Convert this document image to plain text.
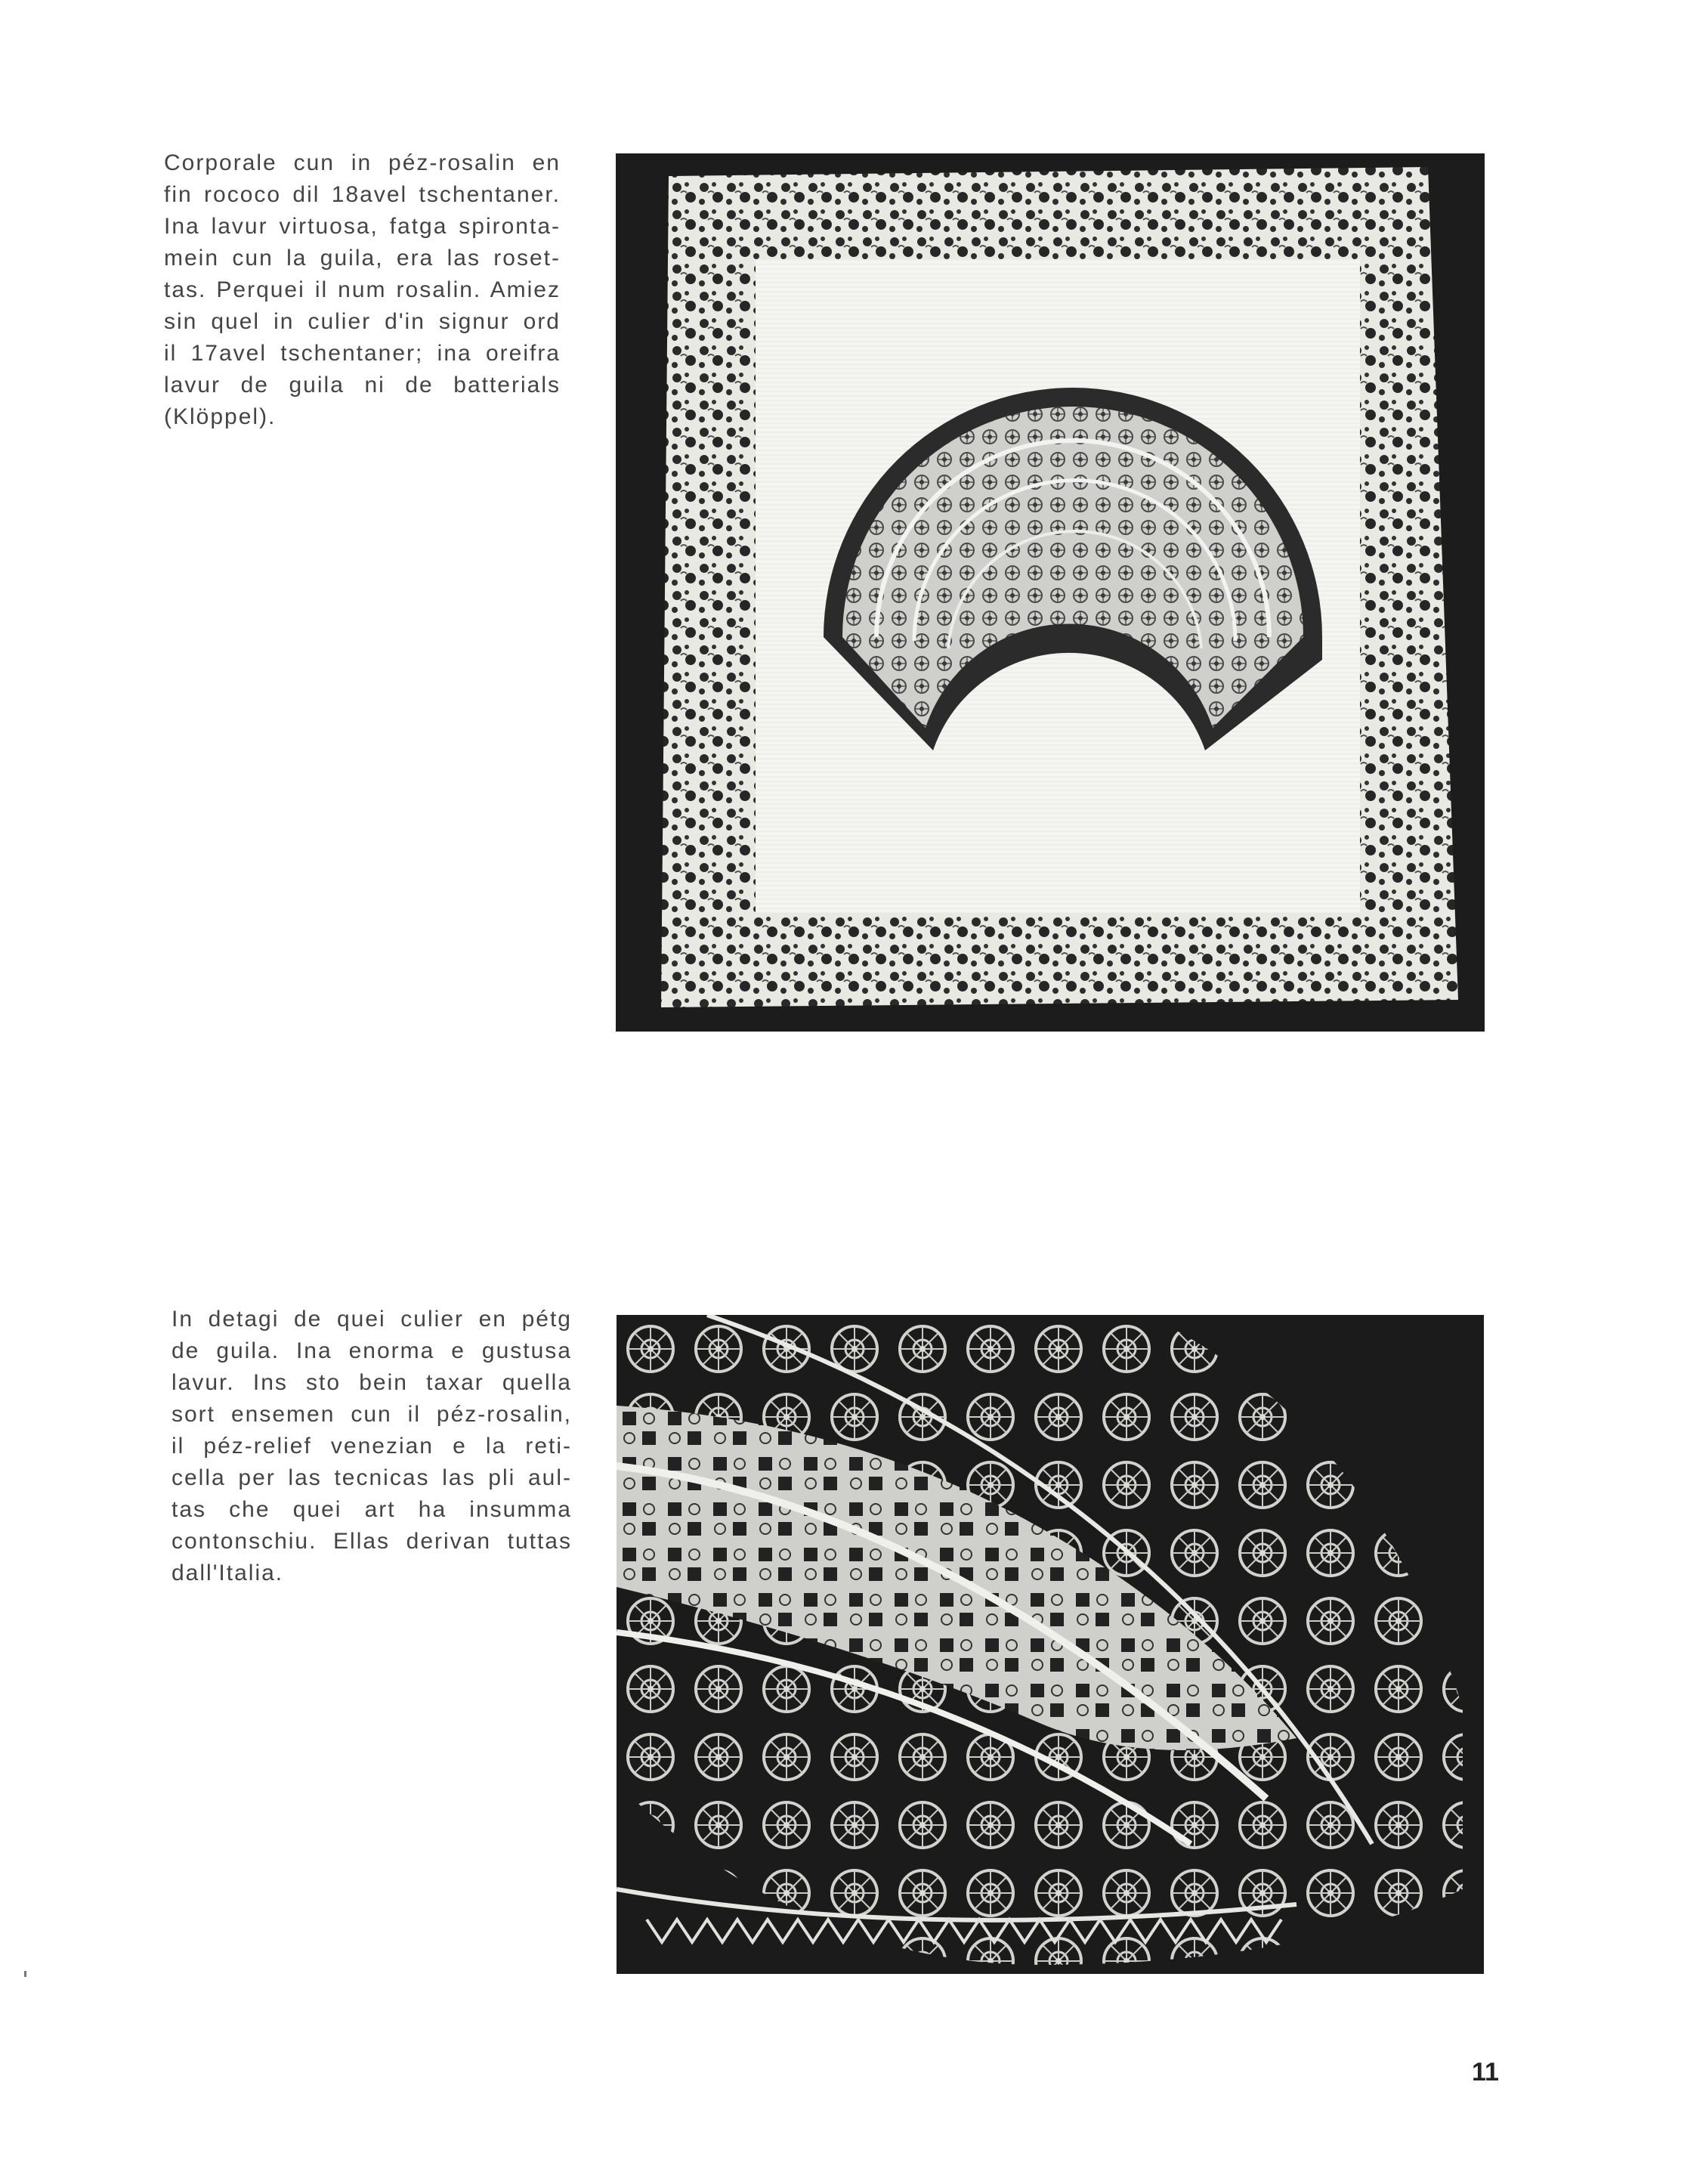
Corporale cun in péz-rosalin en
fin rococo dil 18avel tschentaner.
Ina lavur virtuosa, fatga spironta-
mein cun la guila, era las roset-
tas. Perquei il num rosalin. Amiez
sin quel in culier d'in signur ord
il 17avel tschentaner; ina oreifra
lavur de guila ni de batterials
(Klöppel).

In detagi de quei culier en pétg
de guila. Ina enorma e gustusa
lavur. Ins sto bein taxar quella
sort ensemen cun il péz-rosalin,
il péz-relief venezian e la reti-
cella per las tecnicas las pli aul-
tas che quei art ha insumma
contonschiu. Ellas derivan tuttas
dall'Italia.

11
